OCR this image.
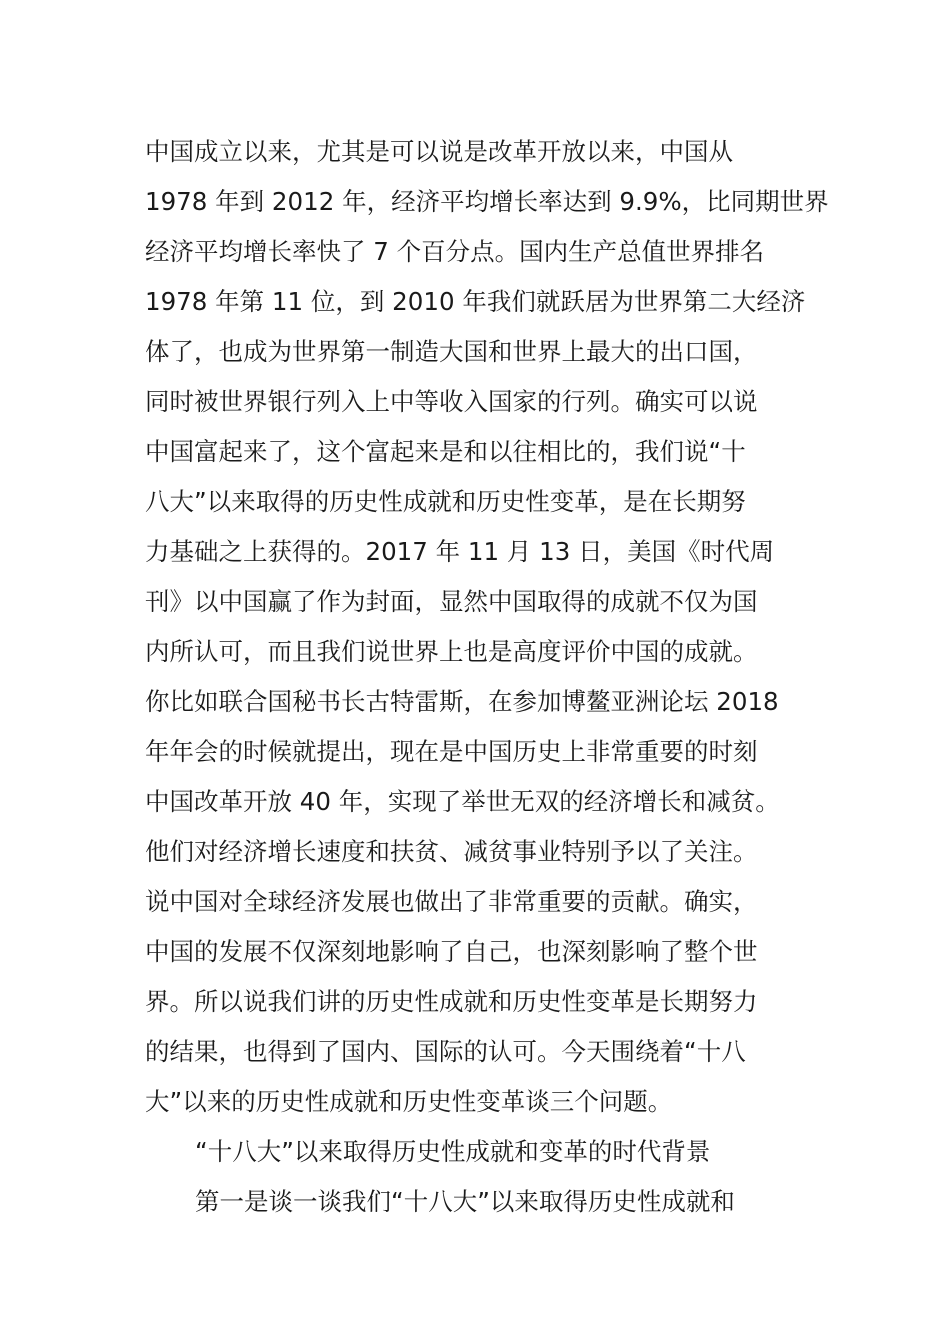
中国成立以来，尤其是可以说是改革开放以来，中国从
1978 年到 2012 年，经济平均增长率达到 9.9%，比同期世界
经济平均增长率快了 7 个百分点。国内生产总值世界排名
1978 年第 11 位，到 2010 年我们就跃居为世界第二大经济
体了，也成为世界第一制造大国和世界上最大的出口国，
同时被世界银行列入上中等收入国家的行列。确实可以说
中国富起来了，这个富起来是和以往相比的，我们说“十
八大”以来取得的历史性成就和历史性变革，是在长期努
力基础之上获得的。2017 年 11 月 13 日，美国《时代周
刊》以中国赢了作为封面，显然中国取得的成就不仅为国
内所认可，而且我们说世界上也是高度评价中国的成就。
你比如联合国秘书长古特雷斯，在参加博鳌亚洲论坛 2018
年年会的时候就提出，现在是中国历史上非常重要的时刻
中国改革开放 40 年，实现了举世无双的经济增长和减贫。
他们对经济增长速度和扶贫、减贫事业特别予以了关注。
说中国对全球经济发展也做出了非常重要的贡献。确实，
中国的发展不仅深刻地影响了自己，也深刻影响了整个世
界。所以说我们讲的历史性成就和历史性变革是长期努力
的结果，也得到了国内、国际的认可。今天围绕着“十八
大”以来的历史性成就和历史性变革谈三个问题。
“十八大”以来取得历史性成就和变革的时代背景
第一是谈一谈我们“十八大”以来取得历史性成就和
